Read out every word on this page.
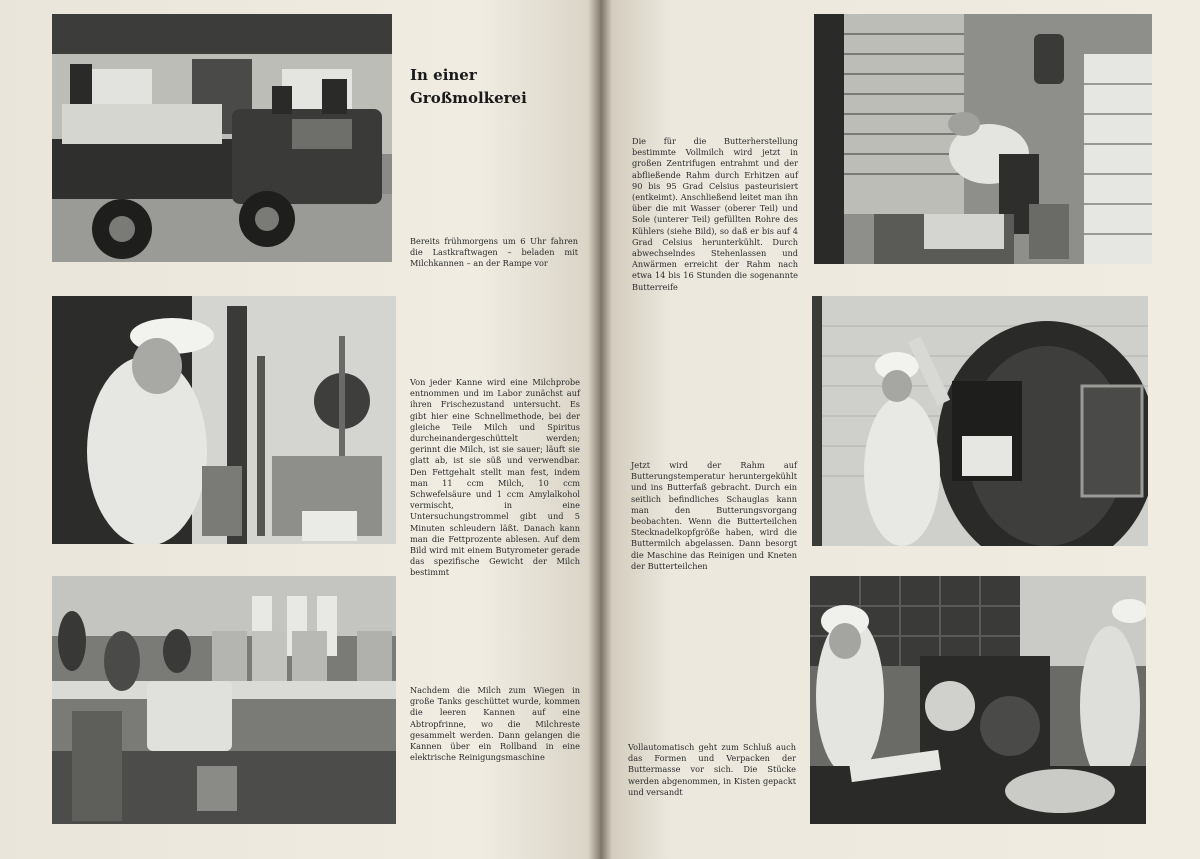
In einer
Großmolkerei
Bereits frühmorgens um 6 Uhr fahren die Lastkraftwagen – beladen mit Milchkannen – an der Rampe vor
Von jeder Kanne wird eine Milchprobe entnommen und im Labor zunächst auf ihren Frischezustand untersucht. Es gibt hier eine Schnellmethode, bei der gleiche Teile Milch und Spiritus durcheinandergeschüttelt werden; gerinnt die Milch, ist sie sauer; läuft sie glatt ab, ist sie süß und verwendbar. Den Fettgehalt stellt man fest, indem man 11 ccm Milch, 10 ccm Schwefelsäure und 1 ccm Amylalkohol vermischt, in eine Untersuchungstrommel gibt und 5 Minuten schleudern läßt. Danach kann man die Fettprozente ablesen. Auf dem Bild wird mit einem Butyrometer gerade das spezifische Gewicht der Milch bestimmt
Nachdem die Milch zum Wiegen in große Tanks geschüttet wurde, kommen die leeren Kannen auf eine Abtropfrinne, wo die Milchreste gesammelt werden. Dann gelangen die Kannen über ein Rollband in eine elektrische Reinigungsmaschine
Die für die Butterherstellung bestimmte Vollmilch wird jetzt in großen Zentrifugen entrahmt und der abfließende Rahm durch Erhitzen auf 90 bis 95 Grad Celsius pasteurisiert (entkeimt). Anschließend leitet man ihn über die mit Wasser (oberer Teil) und Sole (unterer Teil) gefüllten Rohre des Kühlers (siehe Bild), so daß er bis auf 4 Grad Celsius herunterkühlt. Durch abwechselndes Stehenlassen und Anwärmen erreicht der Rahm nach etwa 14 bis 16 Stunden die sogenannte Butterreife
Jetzt wird der Rahm auf Butterungstemperatur heruntergekühlt und ins Butterfaß gebracht. Durch ein seitlich befindliches Schauglas kann man den Butterungsvorgang beobachten. Wenn die Butterteilchen Stecknadelkopfgröße haben, wird die Buttermilch abgelassen. Dann besorgt die Maschine das Reinigen und Kneten der Butterteilchen
Vollautomatisch geht zum Schluß auch das Formen und Verpacken der Buttermasse vor sich. Die Stücke werden abgenommen, in Kisten gepackt und versandt
